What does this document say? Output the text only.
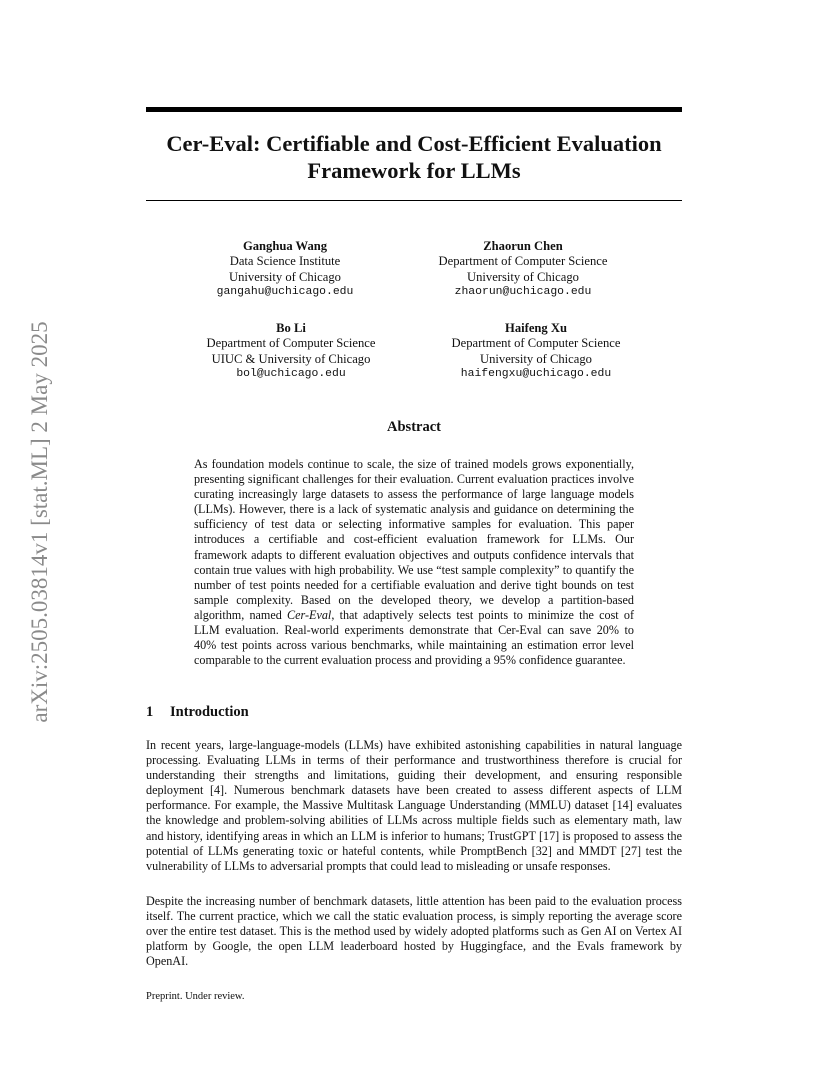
arXiv:2505.03814v1 [stat.ML] 2 May 2025
Cer-Eval: Certifiable and Cost-Efficient Evaluation Framework for LLMs
Ganghua Wang
Data Science Institute
University of Chicago
gangahu@uchicago.edu
Zhaorun Chen
Department of Computer Science
University of Chicago
zhaorun@uchicago.edu
Bo Li
Department of Computer Science
UIUC & University of Chicago
bol@uchicago.edu
Haifeng Xu
Department of Computer Science
University of Chicago
haifengxu@uchicago.edu
Abstract

As foundation models continue to scale, the size of trained models grows exponentially, presenting significant challenges for their evaluation. Current evaluation practices involve curating increasingly large datasets to assess the performance of large language models (LLMs). However, there is a lack of systematic analysis and guidance on determining the sufficiency of test data or selecting informative samples for evaluation. This paper introduces a certifiable and cost-efficient evaluation framework for LLMs. Our framework adapts to different evaluation objectives and outputs confidence intervals that contain true values with high probability. We use “test sample complexity” to quantify the number of test points needed for a certifiable evaluation and derive tight bounds on test sample complexity. Based on the developed theory, we develop a partition-based algorithm, named Cer-Eval, that adaptively selects test points to minimize the cost of LLM evaluation. Real-world experiments demonstrate that Cer-Eval can save 20% to 40% test points across various benchmarks, while maintaining an estimation error level comparable to the current evaluation process and providing a 95% confidence guarantee.

1 Introduction

In recent years, large-language-models (LLMs) have exhibited astonishing capabilities in natural language processing. Evaluating LLMs in terms of their performance and trustworthiness therefore is crucial for understanding their strengths and limitations, guiding their development, and ensuring responsible deployment [4]. Numerous benchmark datasets have been created to assess different aspects of LLM performance. For example, the Massive Multitask Language Understanding (MMLU) dataset [14] evaluates the knowledge and problem-solving abilities of LLMs across multiple fields such as elementary math, law and history, identifying areas in which an LLM is inferior to humans; TrustGPT [17] is proposed to assess the potential of LLMs generating toxic or hateful contents, while PromptBench [32] and MMDT [27] test the vulnerability of LLMs to adversarial prompts that could lead to misleading or unsafe responses.

Despite the increasing number of benchmark datasets, little attention has been paid to the evaluation process itself. The current practice, which we call the static evaluation process, is simply reporting the average score over the entire test dataset. This is the method used by widely adopted platforms such as Gen AI on Vertex AI platform by Google, the open LLM leaderboard hosted by Huggingface, and the Evals framework by OpenAI.

Preprint. Under review.
